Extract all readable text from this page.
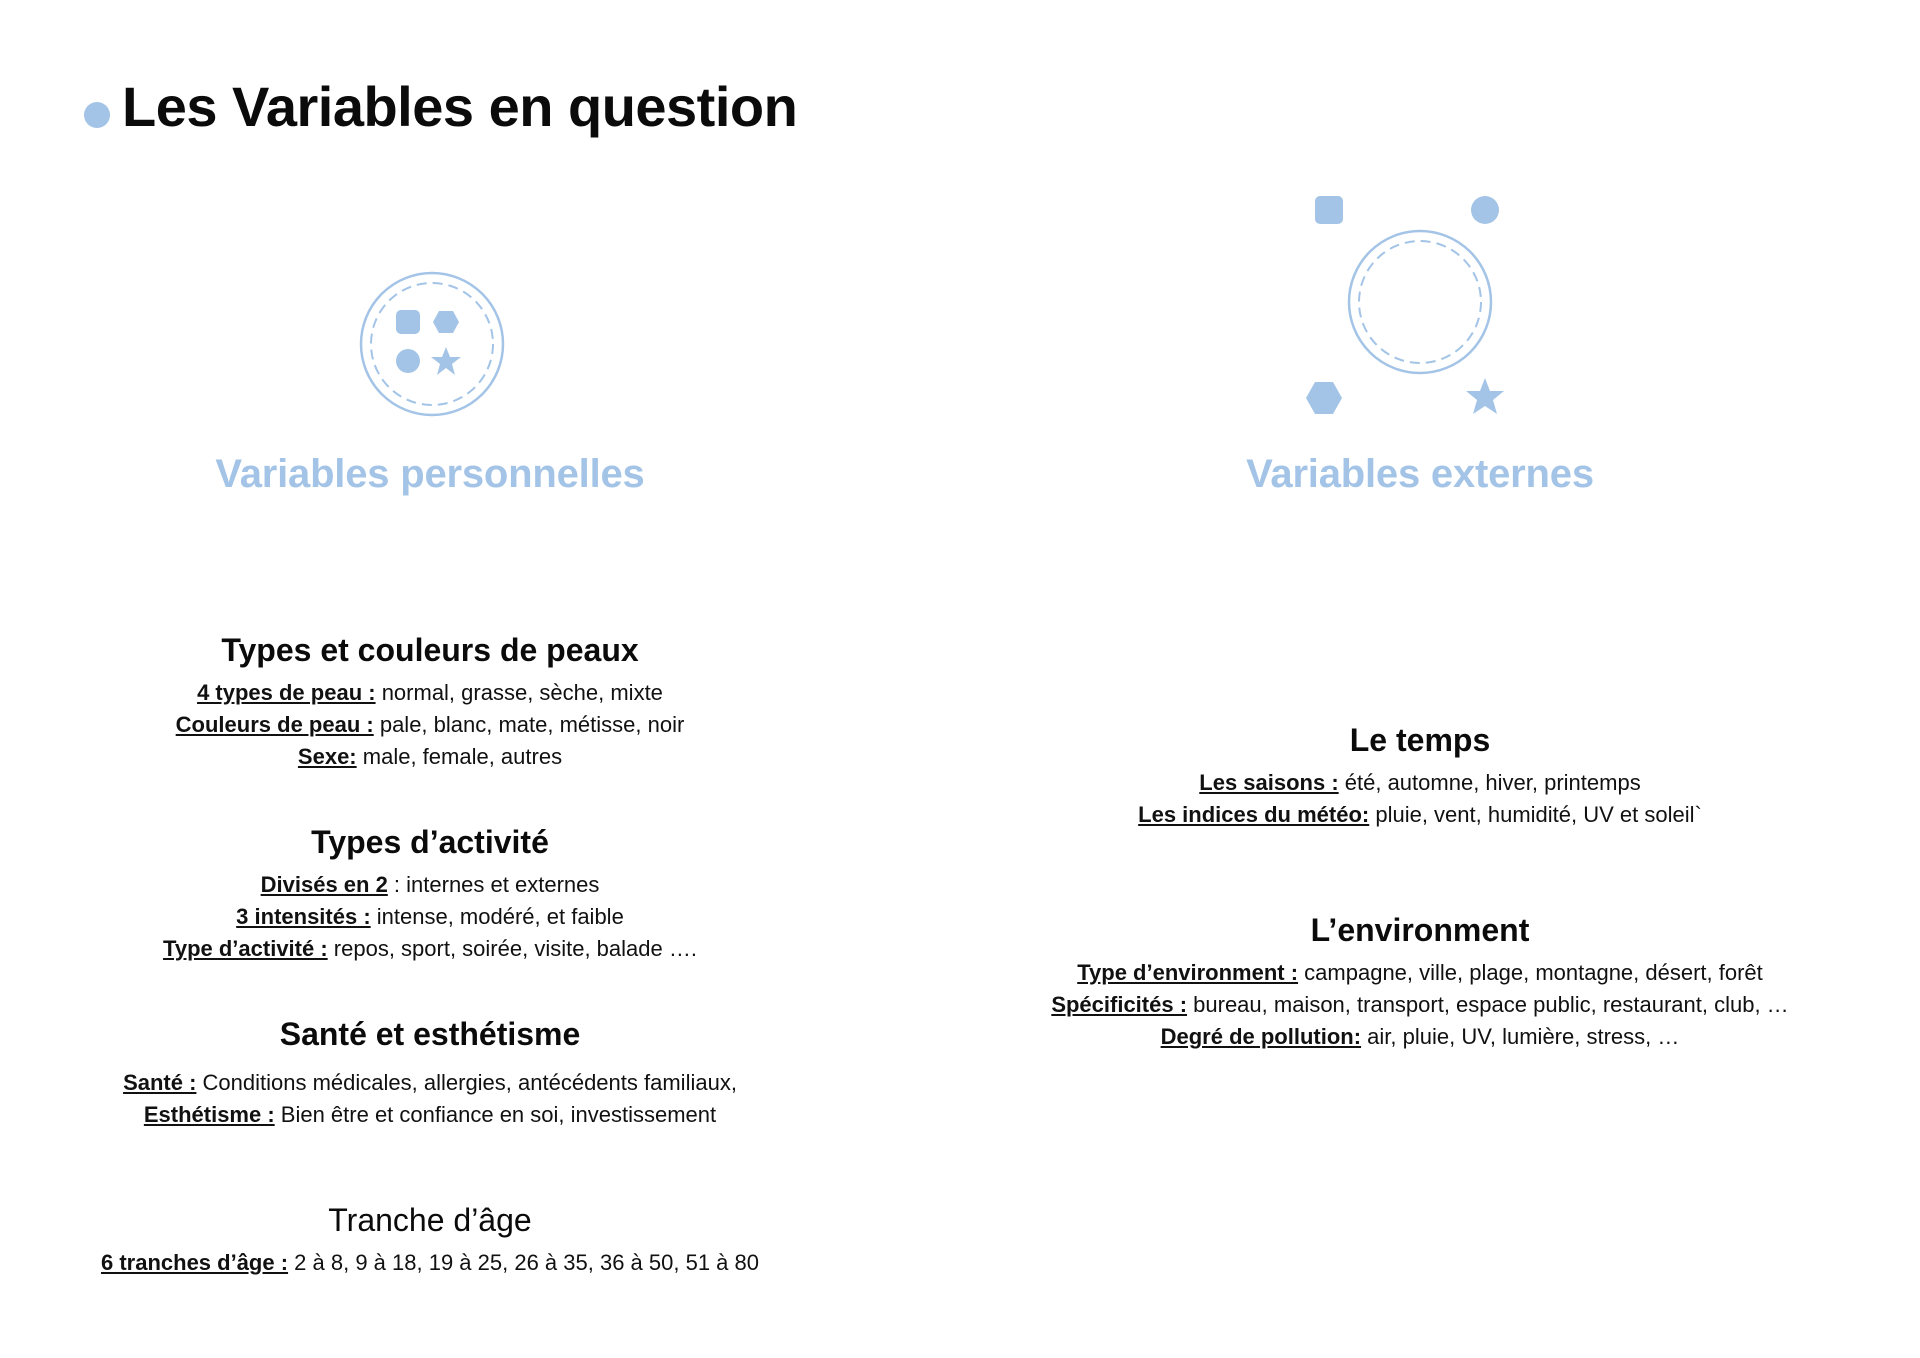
Les Variables en question
Variables personnelles
Types et couleurs de peaux
4 types de peau : normal, grasse, sèche, mixte
Couleurs de peau : pale, blanc, mate, métisse, noir
Sexe: male, female, autres
Types d’activité
Divisés en 2 : internes et externes
3 intensités : intense, modéré, et faible
Type d’activité : repos, sport, soirée, visite, balade ….
Santé et esthétisme
Santé : Conditions médicales, allergies, antécédents familiaux,
Esthétisme : Bien être et confiance en soi, investissement
Tranche d’âge
6 tranches d’âge : 2 à 8, 9 à 18, 19 à 25, 26 à 35, 36 à 50, 51 à 80
Variables externes
Le temps
Les saisons : été, automne, hiver, printemps
Les indices du météo: pluie, vent, humidité, UV et soleil`
L’environment
Type d’environment : campagne, ville, plage, montagne, désert, forêt
Spécificités : bureau, maison, transport, espace public, restaurant, club, …
Degré de pollution: air, pluie, UV, lumière, stress, …
